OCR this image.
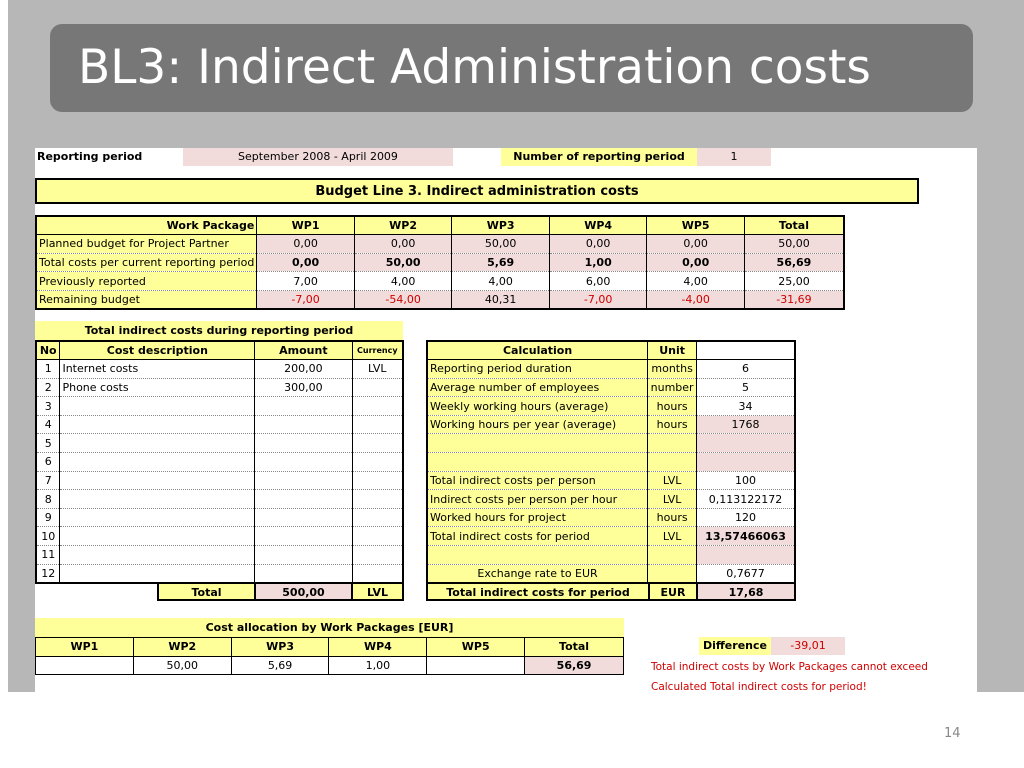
BL3: Indirect Administration costs
Reporting period	September 2008 - April 2009	Number of reporting period	1
Budget Line 3. Indirect administration costs
Work Package	WP1	WP2	WP3	WP4	WP5	Total
Planned budget for Project Partner	0,00	0,00	50,00	0,00	0,00	50,00
Total costs per current reporting period	0,00	50,00	5,69	1,00	0,00	56,69
Previously reported	7,00	4,00	4,00	6,00	4,00	25,00
Remaining budget	-7,00	-54,00	40,31	-7,00	-4,00	-31,69
Total indirect costs during reporting period
No	Cost description	Amount	Currency
1	Internet costs	200,00	LVL
2	Phone costs	300,00	
3			
4			
5			
6			
7			
8			
9			
10			
11			
12			
Total	500,00	LVL
Calculation	Unit	
Reporting period duration	months	6
Average number of employees	number	5
Weekly working hours (average)	hours	34
Working hours per year (average)	hours	1768

Total indirect costs per person	LVL	100
Indirect costs per person per hour	LVL	0,113122172
Worked hours for project	hours	120
Total indirect costs for period	LVL	13,57466063

Exchange rate to EUR		0,7677
Total indirect costs for period	EUR	17,68
Cost allocation by Work Packages [EUR]
WP1	WP2	WP3	WP4	WP5	Total
	50,00	5,69	1,00		56,69
Difference	-39,01
Total indirect costs by Work Packages cannot exceed
Calculated Total indirect costs for period!
14
